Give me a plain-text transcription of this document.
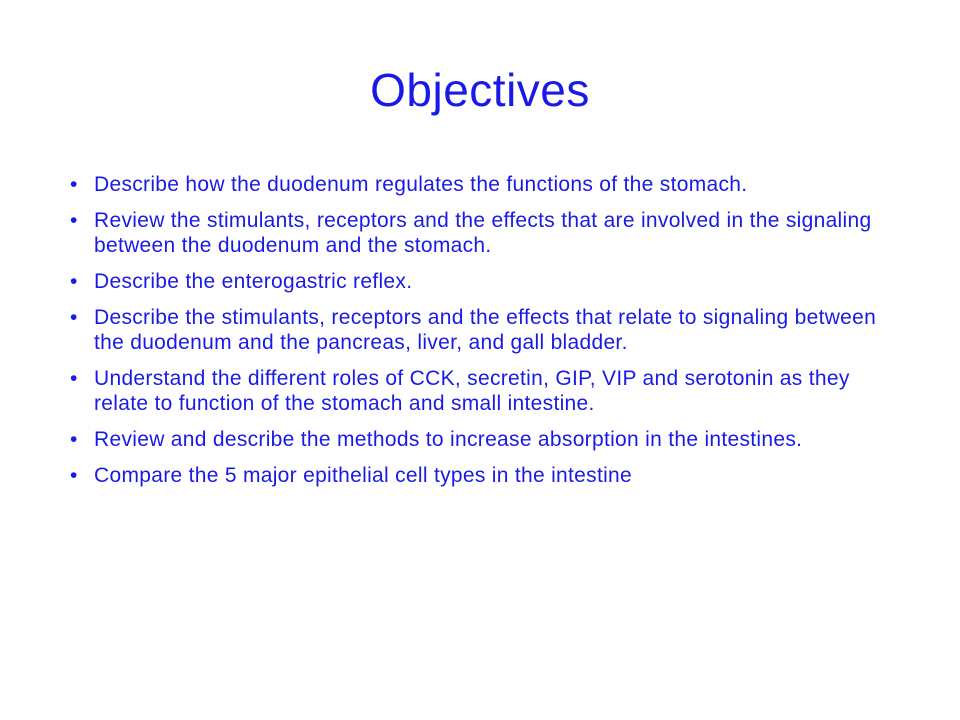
Objectives
• Describe how the duodenum regulates the functions of the stomach.
• Review the stimulants, receptors and the effects that are involved in the signaling between the duodenum and the stomach.
• Describe the enterogastric reflex.
• Describe the stimulants, receptors and the effects that relate to signaling between the duodenum and the pancreas, liver, and gall bladder.
• Understand the different roles of CCK, secretin, GIP, VIP and serotonin as they relate to function of the stomach and small intestine.
• Review and describe the methods to increase absorption in the intestines.
• Compare the 5 major epithelial cell types in the intestine
